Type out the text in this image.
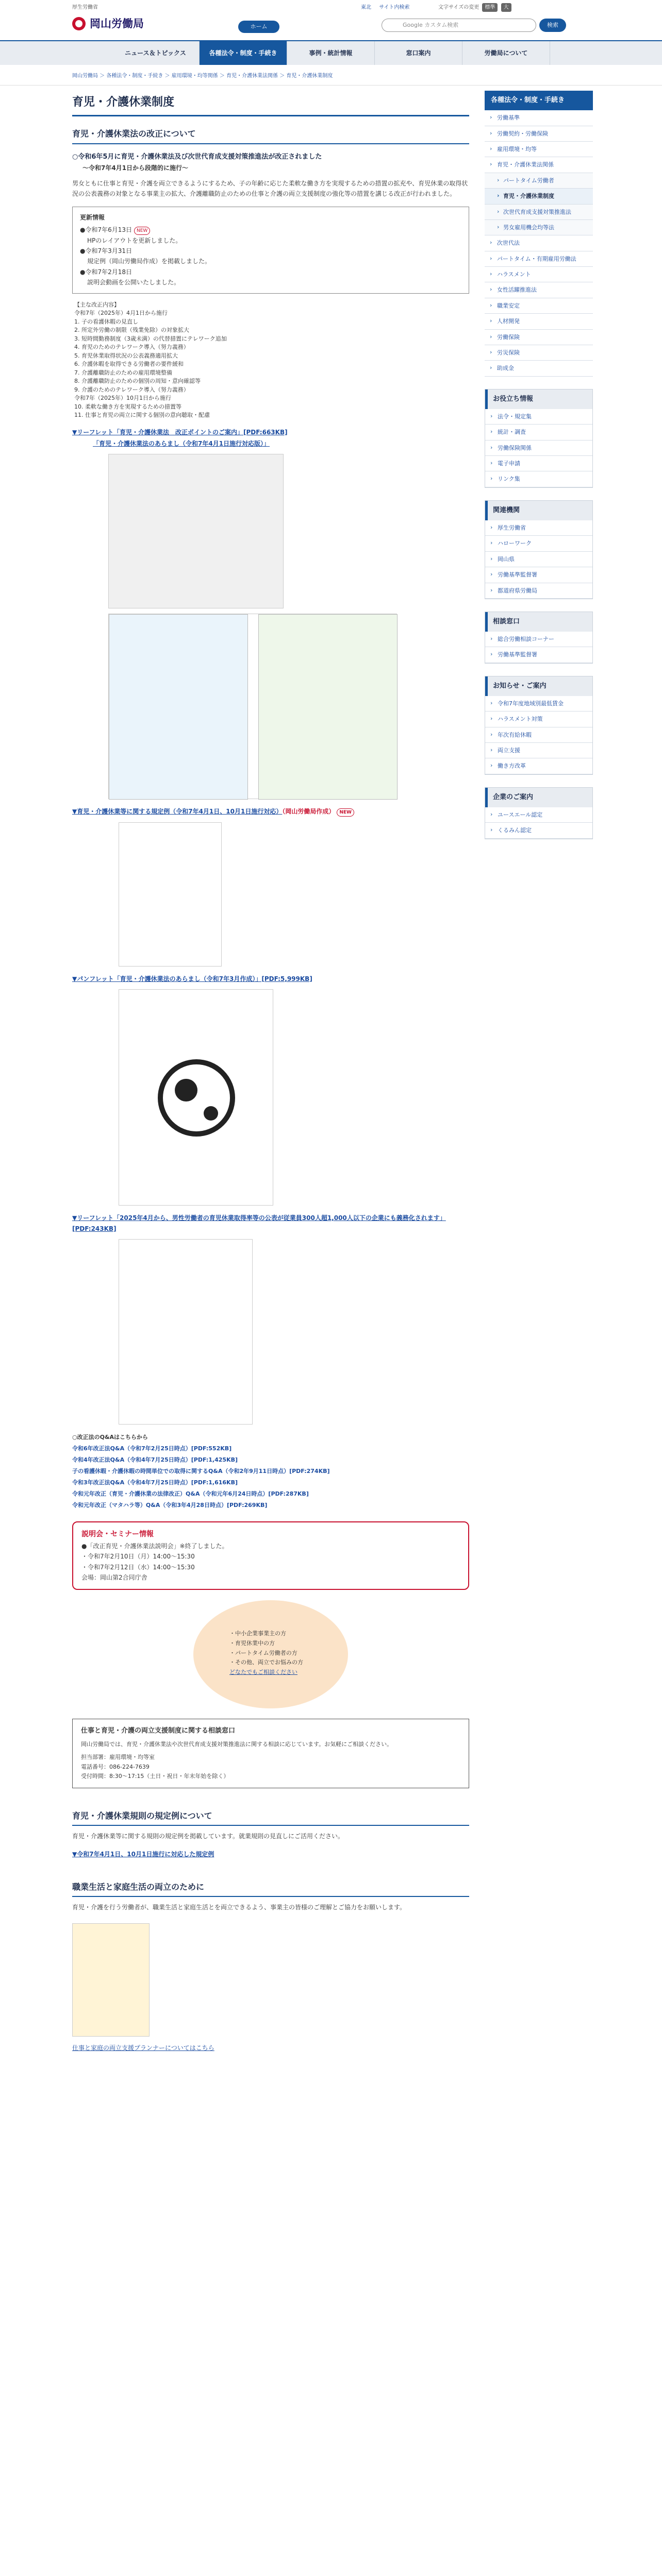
厚生労働省
岡山労働局	ホーム
東北 サイト内検索	文字サイズの変更 標準 大
Google カスタム検索	検索
ニュース＆トピックス	各種法令・制度・手続き	事例・統計情報	窓口案内	労働局について
岡山労働局 ＞ 各種法令・制度・手続き ＞ 雇用環境・均等関係 ＞ 育児・介護休業法関係 ＞ 育児・介護休業制度
育児・介護休業制度
育児・介護休業法の改正について
○令和6年5月に育児・介護休業法及び次世代育成支援対策推進法が改正されました
〜令和7年4月1日から段階的に施行〜

男女ともに仕事と育児・介護を両立できるようにするため、子の年齢に応じた柔軟な働き方を実現するための措置の拡充や、育児休業の取得状況の公表義務の対象となる事業主の拡大、介護離職防止のための仕事と介護の両立支援制度の強化等の措置を講じる改正が行われました。

更新情報
●令和7年6月13日 NEW
HPのレイアウトを更新しました。
●令和7年3月31日
規定例（岡山労働局作成）を掲載しました。
●令和7年2月18日
説明会動画を公開いたしました。
【主な改正内容】
令和7年（2025年）4月1日から施行
1. 子の看護休暇の見直し
2. 所定外労働の制限（残業免除）の対象拡大
3. 短時間勤務制度（3歳未満）の代替措置にテレワーク追加
4. 育児のためのテレワーク導入（努力義務）
5. 育児休業取得状況の公表義務適用拡大
6. 介護休暇を取得できる労働者の要件緩和
7. 介護離職防止のための雇用環境整備
8. 介護離職防止のための個別の周知・意向確認等
9. 介護のためのテレワーク導入（努力義務）
令和7年（2025年）10月1日から施行
10. 柔軟な働き方を実現するための措置等
11. 仕事と育児の両立に関する個別の意向聴取・配慮
▼リーフレット「育児・介護休業法　改正ポイントのご案内」[PDF:663KB]
「育児・介護休業法のあらまし（令和7年4月1日施行対応版）」
▼育児・介護休業等に関する規定例（令和7年4月1日、10月1日施行対応）（岡山労働局作成） NEW
▼パンフレット「育児・介護休業法のあらまし（令和7年3月作成）」[PDF:5,999KB]
▼リーフレット「2025年4月から、男性労働者の育児休業取得率等の公表が従業員300人超1,000人以下の企業にも義務化されます」[PDF:243KB]
○改正法のQ&Aはこちらから
令和6年改正法Q&A（令和7年2月25日時点）[PDF:552KB]
令和4年改正法Q&A（令和4年7月25日時点）[PDF:1,425KB]
子の看護休暇・介護休暇の時間単位での取得に関するQ&A（令和2年9月11日時点）[PDF:274KB]
令和3年改正法Q&A（令和4年7月25日時点）[PDF:1,616KB]
令和元年改正（育児・介護休業の法律改正）Q&A（令和元年6月24日時点）[PDF:287KB]
令和元年改正（マタハラ等）Q&A（令和3年4月28日時点）[PDF:269KB]
説明会・セミナー情報
●「改正育児・介護休業法説明会」※終了しました。
・令和7年2月10日（月）14:00〜15:30
・令和7年2月12日（水）14:00〜15:30
会場：岡山第2合同庁舎
・中小企業事業主の方
・育児休業中の方
・パートタイム労働者の方
・その他、両立でお悩みの方
どなたでもご相談ください
仕事と育児・介護の両立支援制度に関する相談窓口
岡山労働局では、育児・介護休業法や次世代育成支援対策推進法に関する相談に応じています。お気軽にご相談ください。
担当部署：雇用環境・均等室
電話番号：086-224-7639
受付時間：8:30〜17:15（土日・祝日・年末年始を除く）
育児・介護休業規則の規定例について

育児・介護休業等に関する規則の規定例を掲載しています。就業規則の見直しにご活用ください。

▼令和7年4月1日、10月1日施行に対応した規定例
職業生活と家庭生活の両立のために

育児・介護を行う労働者が、職業生活と家庭生活とを両立できるよう、事業主の皆様のご理解とご協力をお願いします。

仕事と家庭の両立支援プランナーについてはこちら
各種法令・制度・手続き
› 労働基準
› 労働契約・労働保険
› 雇用環境・均等
› 育児・介護休業法関係
› パートタイム労働者
› 育児・介護休業制度
› 次世代育成支援対策推進法
› 男女雇用機会均等法
› 次世代法
› パートタイム・有期雇用労働法
› ハラスメント
› 女性活躍推進法
› 職業安定
› 人材開発
› 労働保険
› 労災保険
› 助成金
お役立ち情報
› 法令・規定集
› 統計・調査
› 労働保険関係
› 電子申請
› リンク集
関連機関
› 厚生労働省
› ハローワーク
› 岡山県
› 労働基準監督署
› 都道府県労働局
相談窓口
› 総合労働相談コーナー
› 労働基準監督署
お知らせ・ご案内
› 令和7年度地域別最低賃金
› ハラスメント対策
› 年次有給休暇
› 両立支援
› 働き方改革
企業のご案内
› ユースエール認定
› くるみん認定
